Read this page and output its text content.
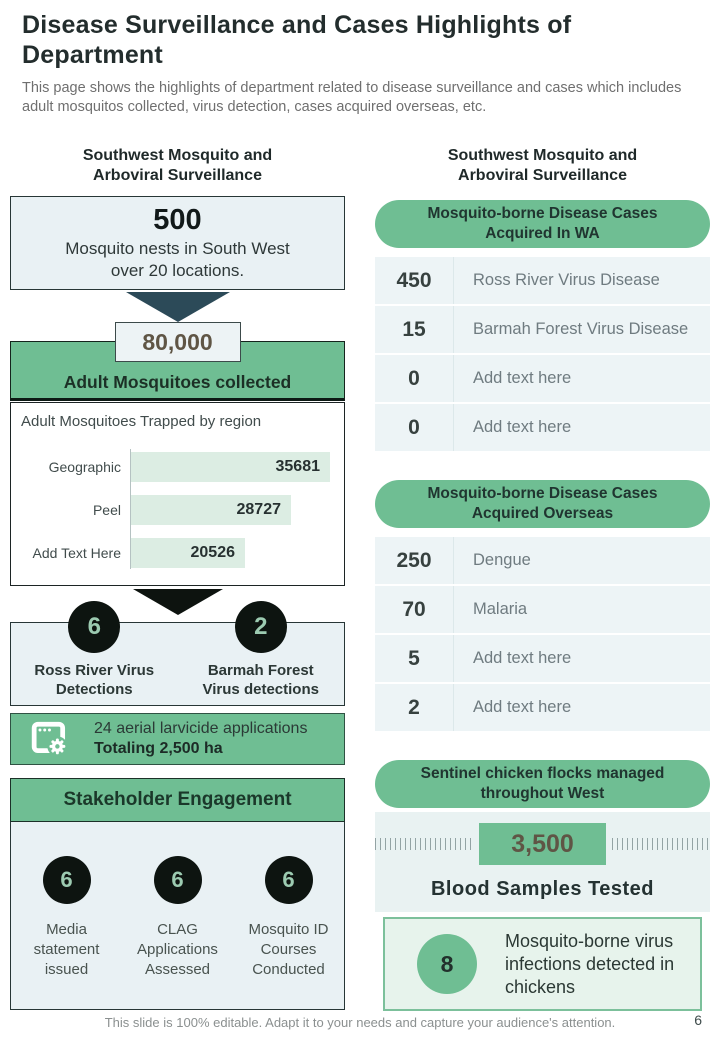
Disease Surveillance and Cases Highlights of Department
This page shows the highlights of department related to disease surveillance and cases which includes adult mosquitos collected, virus detection, cases acquired overseas, etc.
Southwest Mosquito and Arboviral Surveillance
500
Mosquito nests in South West over 20 locations.
Adult Mosquitoes collected
80,000
Adult Mosquitoes Trapped by region
Geographic	35681
Peel	28727
Add Text Here	20526
6
Ross River Virus Detections
2
Barmah Forest Virus detections
24 aerial larvicide applications
Totaling 2,500 ha
Stakeholder Engagement
6
Media statement issued
6
CLAG Applications Assessed
6
Mosquito ID Courses Conducted
Southwest Mosquito and Arboviral Surveillance
Mosquito-borne Disease Cases Acquired In WA
450	Ross River Virus Disease
15	Barmah Forest Virus Disease
0	Add text here
0	Add text here
Mosquito-borne Disease Cases Acquired Overseas
250	Dengue
70	Malaria
5	Add text here
2	Add text here
Sentinel chicken flocks managed throughout West
3,500
Blood Samples Tested
8
Mosquito-borne virus infections detected in chickens
This slide is 100% editable. Adapt it to your needs and capture your audience's attention.	6
